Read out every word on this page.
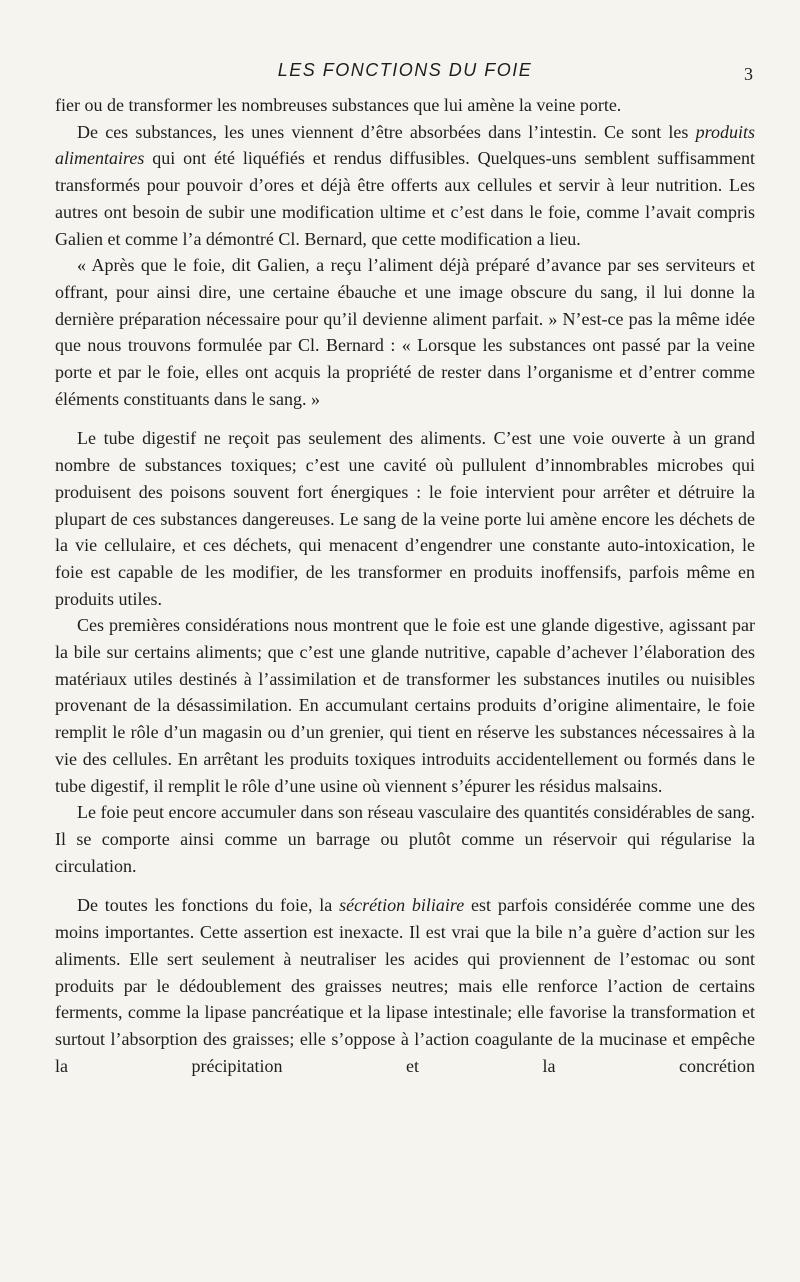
LES FONCTIONS DU FOIE	3

fier ou de transformer les nombreuses substances que lui amène la veine porte.

De ces substances, les unes viennent d’être absorbées dans l’intestin. Ce sont les produits alimentaires qui ont été liquéfiés et rendus diffusibles. Quelques-uns semblent suffisamment transformés pour pouvoir d’ores et déjà être offerts aux cellules et servir à leur nutrition. Les autres ont besoin de subir une modification ultime et c’est dans le foie, comme l’avait compris Galien et comme l’a démontré Cl. Bernard, que cette modification a lieu.

« Après que le foie, dit Galien, a reçu l’aliment déjà préparé d’avance par ses serviteurs et offrant, pour ainsi dire, une certaine ébauche et une image obscure du sang, il lui donne la dernière préparation nécessaire pour qu’il devienne aliment parfait. » N’est-ce pas la même idée que nous trouvons formulée par Cl. Bernard : « Lorsque les substances ont passé par la veine porte et par le foie, elles ont acquis la propriété de rester dans l’organisme et d’entrer comme éléments constituants dans le sang. »

Le tube digestif ne reçoit pas seulement des aliments. C’est une voie ouverte à un grand nombre de substances toxiques; c’est une cavité où pullulent d’innombrables microbes qui produisent des poisons souvent fort énergiques : le foie intervient pour arrêter et détruire la plupart de ces substances dangereuses. Le sang de la veine porte lui amène encore les déchets de la vie cellulaire, et ces déchets, qui menacent d’engendrer une constante auto-intoxication, le foie est capable de les modifier, de les transformer en produits inoffensifs, parfois même en produits utiles.

Ces premières considérations nous montrent que le foie est une glande digestive, agissant par la bile sur certains aliments; que c’est une glande nutritive, capable d’achever l’élaboration des matériaux utiles destinés à l’assimilation et de transformer les substances inutiles ou nuisibles provenant de la désassimilation. En accumulant certains produits d’origine alimentaire, le foie remplit le rôle d’un magasin ou d’un grenier, qui tient en réserve les substances nécessaires à la vie des cellules. En arrêtant les produits toxiques introduits accidentellement ou formés dans le tube digestif, il remplit le rôle d’une usine où viennent s’épurer les résidus malsains.

Le foie peut encore accumuler dans son réseau vasculaire des quantités considérables de sang. Il se comporte ainsi comme un barrage ou plutôt comme un réservoir qui régularise la circulation.

De toutes les fonctions du foie, la sécrétion biliaire est parfois considérée comme une des moins importantes. Cette assertion est inexacte. Il est vrai que la bile n’a guère d’action sur les aliments. Elle sert seulement à neutraliser les acides qui proviennent de l’estomac ou sont produits par le dédoublement des graisses neutres; mais elle renforce l’action de certains ferments, comme la lipase pancréatique et la lipase intestinale; elle favorise la transformation et surtout l’absorption des graisses; elle s’oppose à l’action coagulante de la mucinase et empêche la précipitation et la concrétion
